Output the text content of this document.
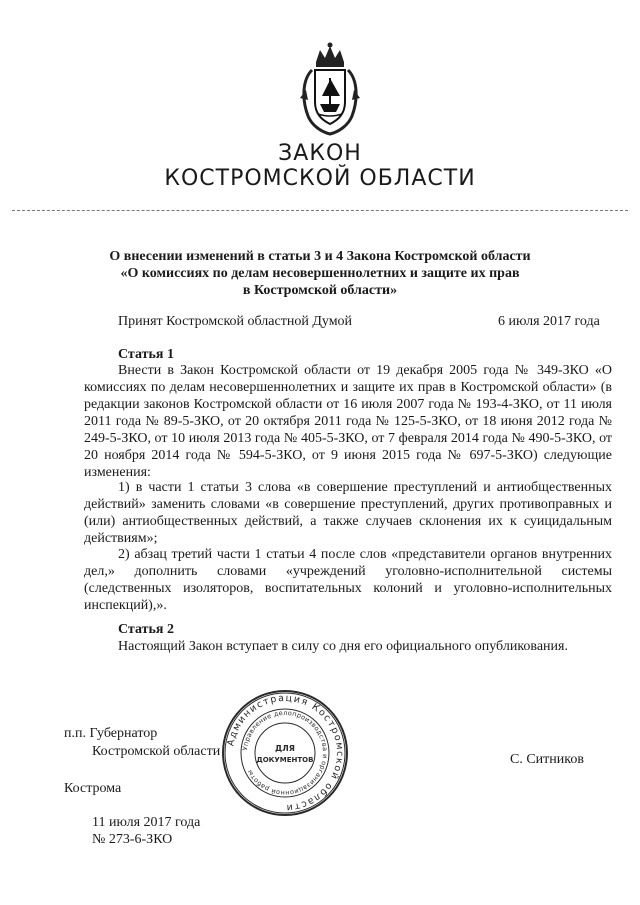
ЗАКОН
КОСТРОМСКОЙ ОБЛАСТИ
О внесении изменений в статьи 3 и 4 Закона Костромской области
«О комиссиях по делам несовершеннолетних и защите их прав
в Костромской области»
Принят Костромской областной Думой	6 июля 2017 года
Статья 1

Внести в Закон Костромской области от 19 декабря 2005 года № 349-ЗКО «О комиссиях по делам несовершеннолетних и защите их прав в Костромской области» (в редакции законов Костромской области от 16 июля 2007 года № 193-4-ЗКО, от 11 июля 2011 года № 89-5-ЗКО, от 20 октября 2011 года № 125-5-ЗКО, от 18 июня 2012 года № 249-5-ЗКО, от 10 июля 2013 года № 405-5-ЗКО, от 7 февраля 2014 года № 490-5-ЗКО, от 20 ноября 2014 года № 594-5-ЗКО, от 9 июня 2015 года № 697-5-ЗКО) следующие изменения:

1) в части 1 статьи 3 слова «в совершение преступлений и антиобщественных действий» заменить словами «в совершение преступлений, других противоправных и (или) антиобщественных действий, а также случаев склонения их к суицидальным действиям»;

2) абзац третий части 1 статьи 4 после слов «представители органов внутренних дел,» дополнить словами «учреждений уголовно-исполнительной системы (следственных изоляторов, воспитательных колоний и уголовно-исполнительных инспекций),».

Статья 2

Настоящий Закон вступает в силу со дня его официального опубликования.

п.п. Губернатор
Костромской области
С. Ситников
Кострома
11 июля 2017 года
№ 273-6-ЗКО
Администрация Костромской области
Управление делопроизводства и организационной работы
ДЛЯ
ДОКУМЕНТОВ
